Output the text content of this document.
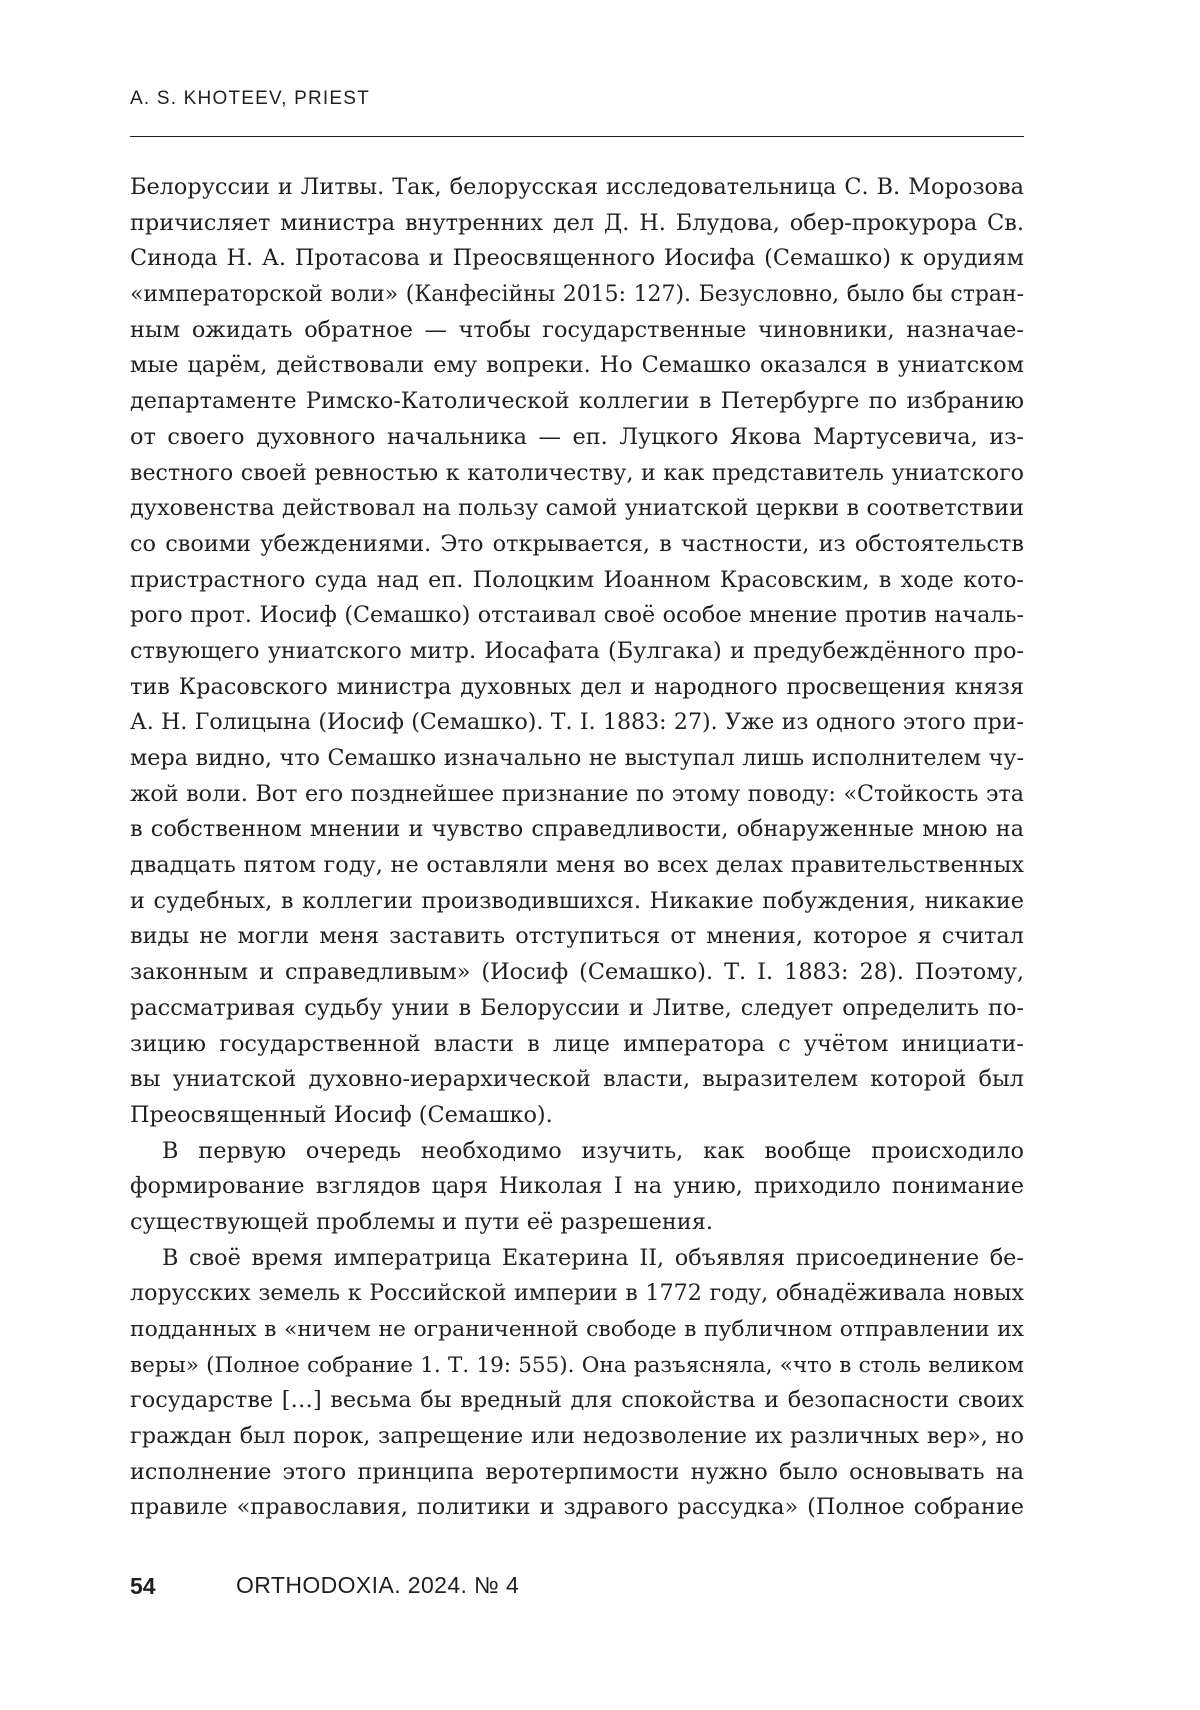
A. S. KHOTEEV, PRIEST
Белоруссии и Литвы. Так, белорусская исследовательница С. В. Морозова
причисляет министра внутренних дел Д. Н. Блудова, обер-прокурора Св.
Синода Н. А. Протасова и Преосвященного Иосифа (Семашко) к орудиям
«императорской воли» (Канфесійны 2015: 127). Безусловно, было бы стран-
ным ожидать обратное — чтобы государственные чиновники, назначае-
мые царём, действовали ему вопреки. Но Семашко оказался в униатском
департаменте Римско-Католической коллегии в Петербурге по избранию
от своего духовного начальника — еп. Луцкого Якова Мартусевича, из-
вестного своей ревностью к католичеству, и как представитель униатского
духовенства действовал на пользу самой униатской церкви в соответствии
со своими убеждениями. Это открывается, в частности, из обстоятельств
пристрастного суда над еп. Полоцким Иоанном Красовским, в ходе кото-
рого прот. Иосиф (Семашко) отстаивал своё особое мнение против началь-
ствующего униатского митр. Иосафата (Булгака) и предубеждённого про-
тив Красовского министра духовных дел и народного просвещения князя
А. Н. Голицына (Иосиф (Семашко). Т. I. 1883: 27). Уже из одного этого при-
мера видно, что Семашко изначально не выступал лишь исполнителем чу-
жой воли. Вот его позднейшее признание по этому поводу: «Стойкость эта
в собственном мнении и чувство справедливости, обнаруженные мною на
двадцать пятом году, не оставляли меня во всех делах правительственных
и судебных, в коллегии производившихся. Никакие побуждения, никакие
виды не могли меня заставить отступиться от мнения, которое я считал
законным и справедливым» (Иосиф (Семашко). Т. I. 1883: 28). Поэтому,
рассматривая судьбу унии в Белоруссии и Литве, следует определить по-
зицию государственной власти в лице императора с учётом инициати-
вы униатской духовно-иерархической власти, выразителем которой был
Преосвященный Иосиф (Семашко).
В первую очередь необходимо изучить, как вообще происходило
формирование взглядов царя Николая I на унию, приходило понимание
существующей проблемы и пути её разрешения.
В своё время императрица Екатерина II, объявляя присоединение бе-
лорусских земель к Российской империи в 1772 году, обнадёживала новых
подданных в «ничем не ограниченной свободе в публичном отправлении их
веры» (Полное собрание 1. Т. 19: 555). Она разъясняла, «что в столь великом
государстве […] весьма бы вредный для спокойства и безопасности своих
граждан был порок, запрещение или недозволение их различных вер», но
исполнение этого принципа веротерпимости нужно было основывать на
правиле «православия, политики и здравого рассудка» (Полное собрание
54	ORTHODOXIA. 2024. № 4
